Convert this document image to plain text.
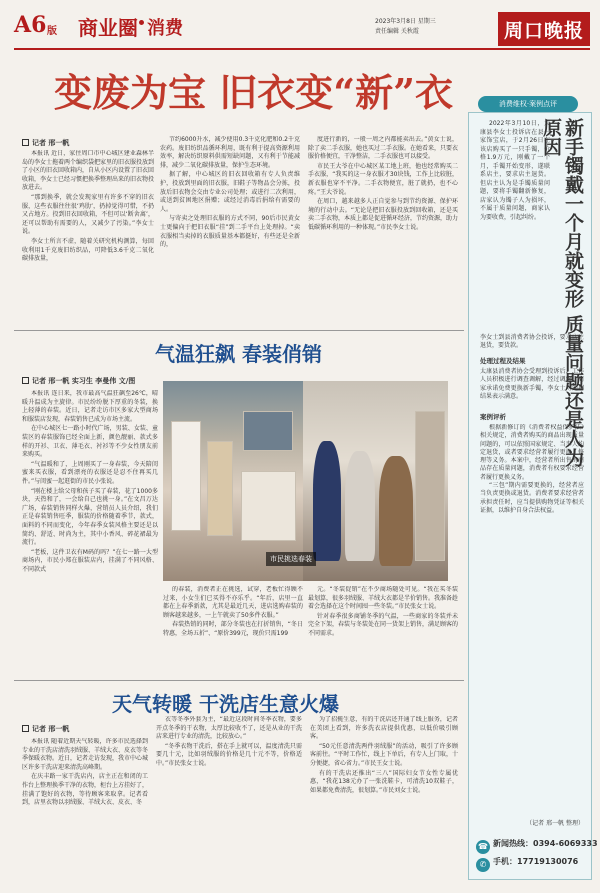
A6 版 商业圈 消费	2023年3月8日 星期三
责任编辑 关秋霞	周口晚报
变废为宝 旧衣变“新”衣
记者 邢一帆

本报讯 近日，家住周口市中心城区建业森林半岛的李女士拖着两个编织袋把家里的旧衣服投放到了小区的旧衣回收箱内，自从小区内设置了旧衣回收箱，李女士已经习惯把换季整理出来的旧衣物投放进去。

“那到换季，就会发现家里有许多不穿的旧衣服，这些衣服往往很‘鸡肋’，扔掉觉得可惜，不扔又占地方。投到旧衣回收箱，不但可以‘断舍离’，还可以帮助有需要的人，又减少了污染。”李女士说。

李女士所言不虚，随着关研究机构测算，每回收利用1千克废旧纺织品，可降低3.6千克二氧化碳排放量，

节约6000升水，减少使用0.3千克化肥和0.2千克农药。废旧纺织品循环利用，既有利于提高资源利用效率，解决纺织原料供需短缺问题，又有利于节能减排，减少二氧化碳排放量，保护生态环境。

据了解，中心城区的旧衣回收箱有专人负责维护，投放到里面的旧衣服，旧鞋子等物品会分拣，投放后旧衣物会交由专业公司处理；或进行二次利用，或送到贫困地区捐赠；或经过消毒后捐给有需要的人。

与寄卖之处理旧衣服的方式不同，90后市民黄女士更偏向于把旧衣服“挂”到二手平台上处理掉。“卖衣服相当卖掉的衣服质量基本都挺好，有些还是全新的，

度进行新的，一般一周之内都能卖出去。”黄女士说，除了卖二手衣服，她也买过二手衣服。在她看来，只要衣服价格便宜，干净整洁，二手衣服也可以接受。

市民王大爷在中心城区某工地上班，他也经常购买二手衣服，“我买的这一身衣服才30块钱，工作上比较脏，新衣服也穿不平净。二手衣物便宜，脏了就扔，也不心疼。”王大爷说。

在周口，越来越多人正自觉参与到节约资源、保护环境的行动中去。“无论是把旧衣服投放到回收箱，还是买卖二手衣物，本质上都是促进循环经济，节约资源，助力低碳循环利用的一种体现。”市民李女士说。

气温狂飙 春装俏销
记者 邢一帆 实习生 李曼伟 文/图

本报讯 连日来，我市最高气温狂飙至26℃，晴暖升温成为主旋律。市民纷纷脱下厚重的冬装，换上轻薄的春装。近日，记者走访市区多家大型商场和服装店发现，春装销售已成为市场主流。

在中心城区七一路小时代广场，男装、女装、童装区的春装服饰已经全面上新，颜色靓丽、款式多样的开衫、卫衣、薄毛衣、衬衫等不少女性朋友前来购买。

“气温暖和了，上周刚买了一身春装，今天陪闺蜜来买衣服，看到漂亮的衣服还是忍不住再买几件。”与闺蜜一起逛街的市民小张说。

“刚在楼上给父母和孩子买了春装，花了1000多块，天热和了，一会给自己也挑一身。”在文昌万达广场，春装销售同样火爆，营销员人员介绍，我们正是春装销售旺季，服装的价格随着季节，款式，面料的不同而变化，今年春季女装风格主要还是以简约、舒适、时尚为主，其中小香风、碎花裙最为流行。

“老板，这件卫衣有M码的吗？”在七一路一大型商场内，市民小郑在服装店内，挂满了不同风格、不同款式

市民挑选春装

的春装，消费者正在挑选，试穿，老板忙得顾不过来，小女生们已买得不亦乐乎。“年后，店里一直都在上春季新款，尤其是最近几天，进店选购春装的顾客越来越多，一上午就卖了50多件衣服。”

春装热销的同时，部分冬装也在打折销售，“冬日特惠，全场五折”、“原价399元，现价只需199

元。“冬装促销”在不少商场随处可见。“我在买冬装最划算，很多羽绒服、羊绒大衣都是半价销售。我准备趁着会选择在这个时间囤一些冬装。”市民张女士说。

针对春季很多商铺冬季的气温，一些商家的冬装并未完全下架，春装与冬装处在同一货架上销售，满足顾客的不同需求。

天气转暖 干洗店生意火爆
记者 邢一帆

本报讯 随着近期天气转暖，许多市民选择到专业的干洗店清洗羽绒服、羊绒大衣、皮衣等冬季保暖衣物。近日，记者走访发现，我市中心城区许多干洗店迎来清洗高峰期。

在庆丰路一家干洗店内，店主正在和闭的工作台上整理换季干净的衣物，柜台上方挂好了，挂满了饱好的衣物，等待顾客来取拿。记者看到，店里衣物以羽绒服、羊绒大衣、皮衣、冬

衣等冬季外套为主，“最近这段时间冬季衣物，要多开点冬季的干衣物，太厚比较收不了，还是从业的干洗店来进行专业的清洗，比较放心。”

“冬季衣物干洗后，搭在手上就可以，温度清洗只需要几十元，比如羽绒服的价格是几十元不等，价格适中。”市民张女士说。

为了招揽生意，有的干洗店还开通了线上服务，记者在美团上看到，许多洗衣店提供优惠，以低价吸引顾客。

“50元任意清洗两件羽绒服”的活动，吸引了许多顾客前往。“平时工作忙，线上下单后，有专人上门取，十分便捷，省心省力。”市民王女士说。

有的干洗店还推出“三八”国际妇女节女性专属优惠，“我花138元办了一张洗鞋卡，可清洗10双鞋子，如果都免费清洗，很划算。”市民刘女士说。

消费维权·案例点评
新手镯戴一个月就变形 质量问题还是人为原因

2022年3月10日，太康县李女士投诉店在县一家饰宝店，于2月26日在该店购买了一只手镯，价格1.9万元，刚戴了一个月，手镯开始变形，遂联系店主，要求店主退货。但店主认为是手镯质量问题，要将手镯翻新修复，店家认为镯子人为损坏，不属于质量问题，商家认为要收费，引起纠纷。

李女士到县消费者协会投诉，要求店主退货，要货款。
处理过程及结果
太康县消费者协会受理到投诉后，工作人员积极进行调查调解，经过调解，商家承诺免费更换新手镯，李女士对处理结果表示满意。
案例评析

根据新修订的《消费者权益保护法》相关规定，消费者购买的商品出现质量问题的，可以依照国家规定、当事人约定退货，或者要求经营者履行更换、修理等义务。本案中，经营者所出售的商品存在质量问题，消费者有权要求经营者履行更换义务。

“三包”期内需要更换的，经营者应当负责更换或退货。消费者要求经营者承担责任时，应当提供购物凭证等相关证据，以维护自身合法权益。

（记者 邢一帆 整理）
☎ 新闻热线：0394-6069333
✆ 手机：17719130076
